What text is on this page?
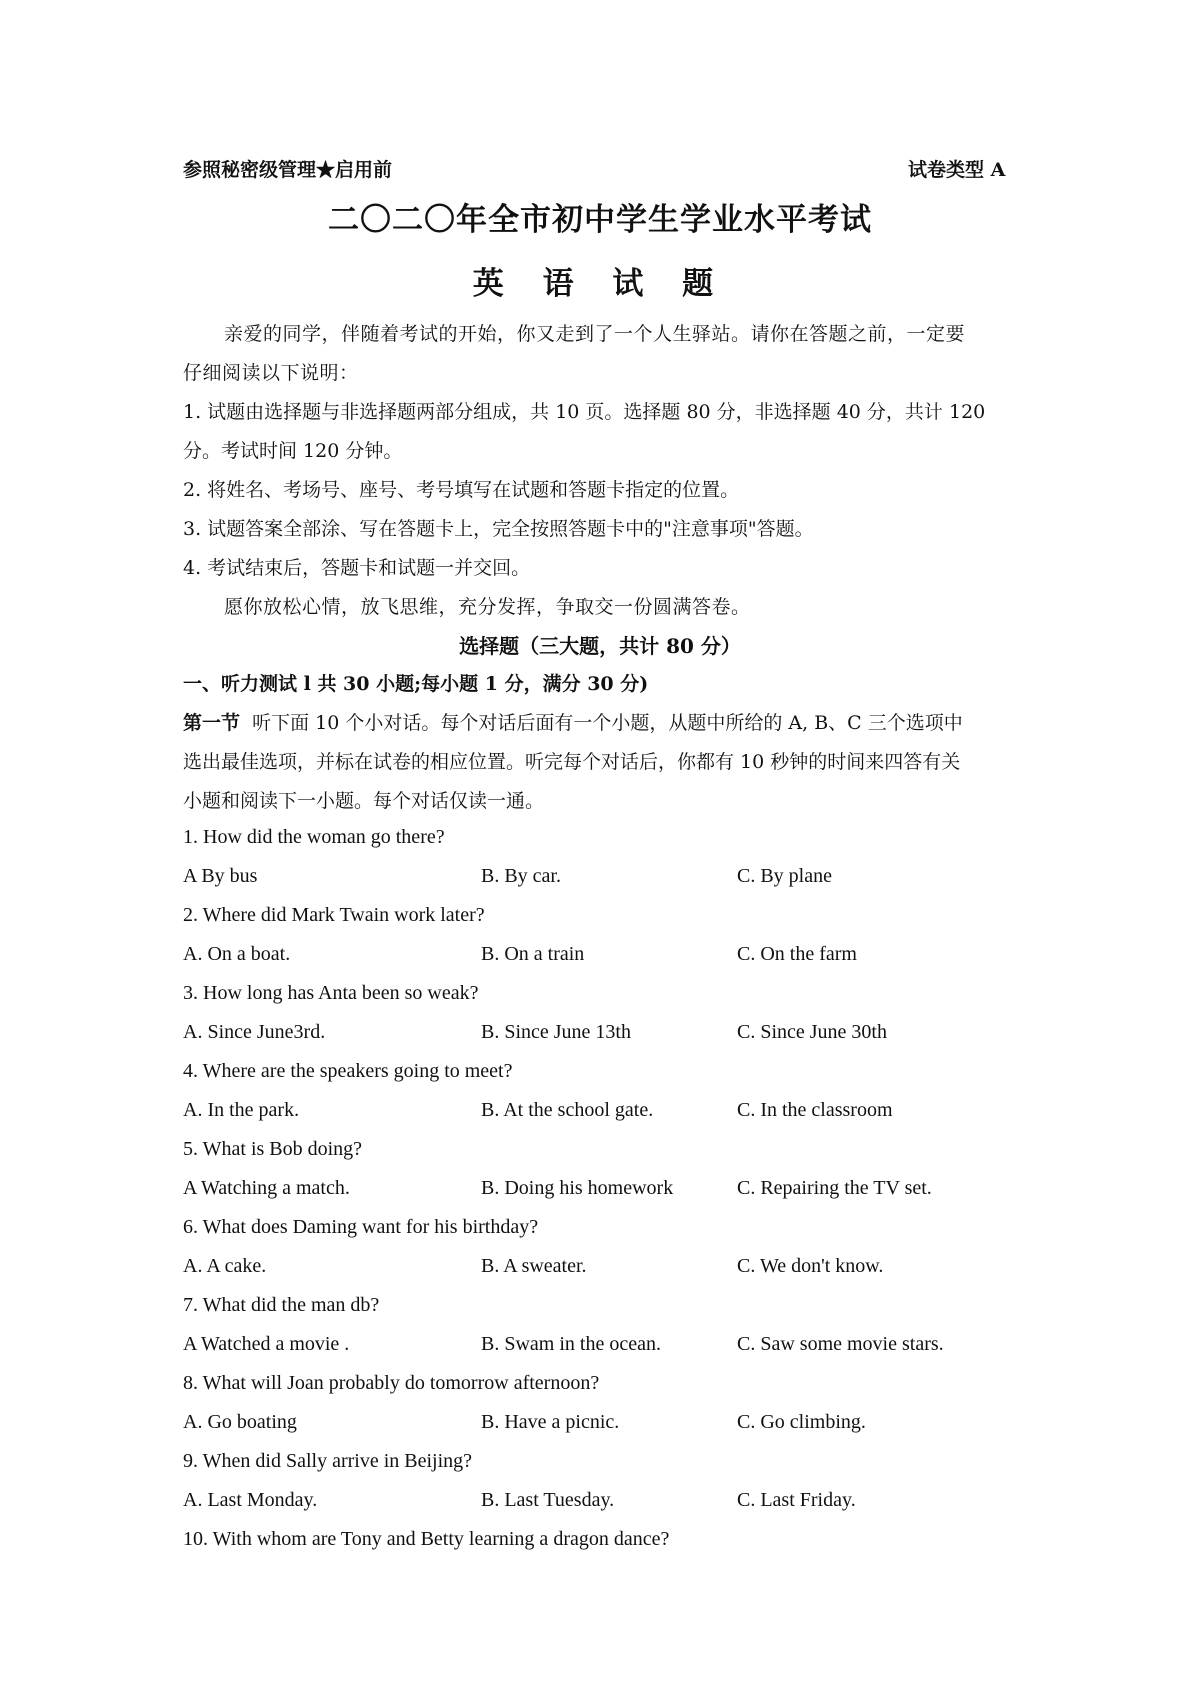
参照秘密级管理★启用前	试卷类型 A
二〇二〇年全市初中学生学业水平考试
英 语 试 题
亲爱的同学，伴随着考试的开始，你又走到了一个人生驿站。请你在答题之前，一定要
仔细阅读以下说明：
1. 试题由选择题与非选择题两部分组成，共 10 页。选择题 80 分，非选择题 40 分，共计 120
分。考试时间 120 分钟。
2. 将姓名、考场号、座号、考号填写在试题和答题卡指定的位置。
3. 试题答案全部涂、写在答题卡上，完全按照答题卡中的"注意事项"答题。
4. 考试结束后，答题卡和试题一并交回。
愿你放松心情，放飞思维，充分发挥，争取交一份圆满答卷。
选择题（三大题，共计 80 分）
一、听力测试 l 共 30 小题;每小题 1 分，满分 30 分)
第一节 听下面 10 个小对话。每个对话后面有一个小题，从题中所给的 A, B、C 三个选项中
选出最佳选项，并标在试卷的相应位置。听完每个对话后，你都有 10 秒钟的时间来四答有关
小题和阅读下一小题。每个对话仅读一通。
1. How did the woman go there?
A By bus	B. By car.	C. By plane
2. Where did Mark Twain work later?
A. On a boat.	B. On a train	C. On the farm
3. How long has Anta been so weak?
A. Since June3rd.	B. Since June 13th	C. Since June 30th
4. Where are the speakers going to meet?
A. In the park.	B. At the school gate.	C. In the classroom
5. What is Bob doing?
A Watching a match.	B. Doing his homework	C. Repairing the TV set.
6. What does Daming want for his birthday?
A. A cake.	B. A sweater.	C. We don't know.
7. What did the man db?
A Watched a movie .	B. Swam in the ocean.	C. Saw some movie stars.
8. What will Joan probably do tomorrow afternoon?
A. Go boating	B. Have a picnic.	C. Go climbing.
9. When did Sally arrive in Beijing?
A. Last Monday.	B. Last Tuesday.	C. Last Friday.
10. With whom are Tony and Betty learning a dragon dance?
